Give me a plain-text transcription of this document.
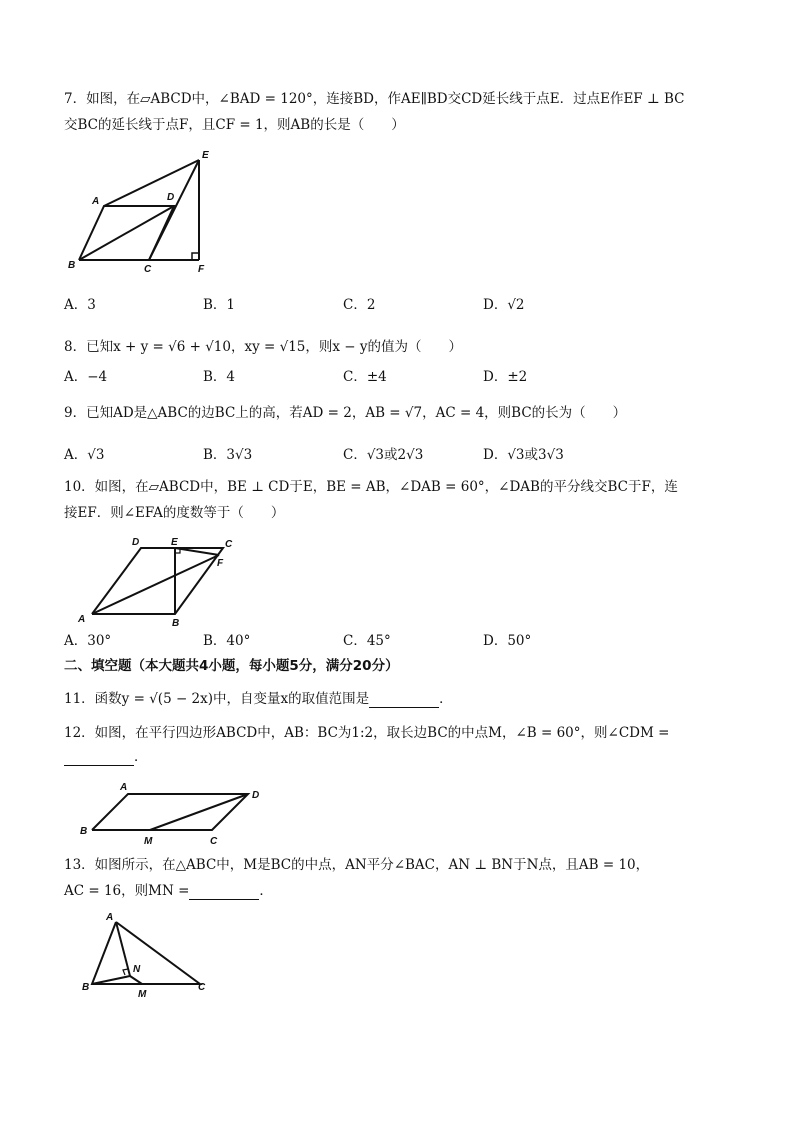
7．如图，在▱ABCD中，∠BAD = 120°，连接BD，作AE∥BD交CD延长线于点E．过点E作EF ⊥ BC
交BC的延长线于点F，且CF = 1，则AB的长是（　　）
B
A	D
E
C	F
A．3	B．1	C．2	D．√2
8．已知x + y = √6 + √10，xy = √15，则x − y的值为（　　）
A．−4	B．4	C．±4	D．±2
9．已知AD是△ABC的边BC上的高，若AD = 2，AB = √7，AC = 4，则BC的长为（　　）
A．√3	B．3√3	C．√3或2√3	D．√3或3√3
10．如图，在▱ABCD中，BE ⊥ CD于E，BE = AB，∠DAB = 60°，∠DAB的平分线交BC于F，连
接EF．则∠EFA的度数等于（　　）
D	E	C
F
A	B
A．30°	B．40°	C．45°	D．50°
二、填空题（本大题共4小题，每小题5分，满分20分）
11．函数y = √(5 − 2x)中，自变量x的取值范围是	．
12．如图，在平行四边形ABCD中，AB：BC为1:2，取长边BC的中点M，∠B = 60°，则∠CDM =
．
A
D
B
M	C
13．如图所示，在△ABC中，M是BC的中点，AN平分∠BAC，AN ⊥ BN于N点，且AB = 10，
AC = 16，则MN =	．
A
N
B
M
C
